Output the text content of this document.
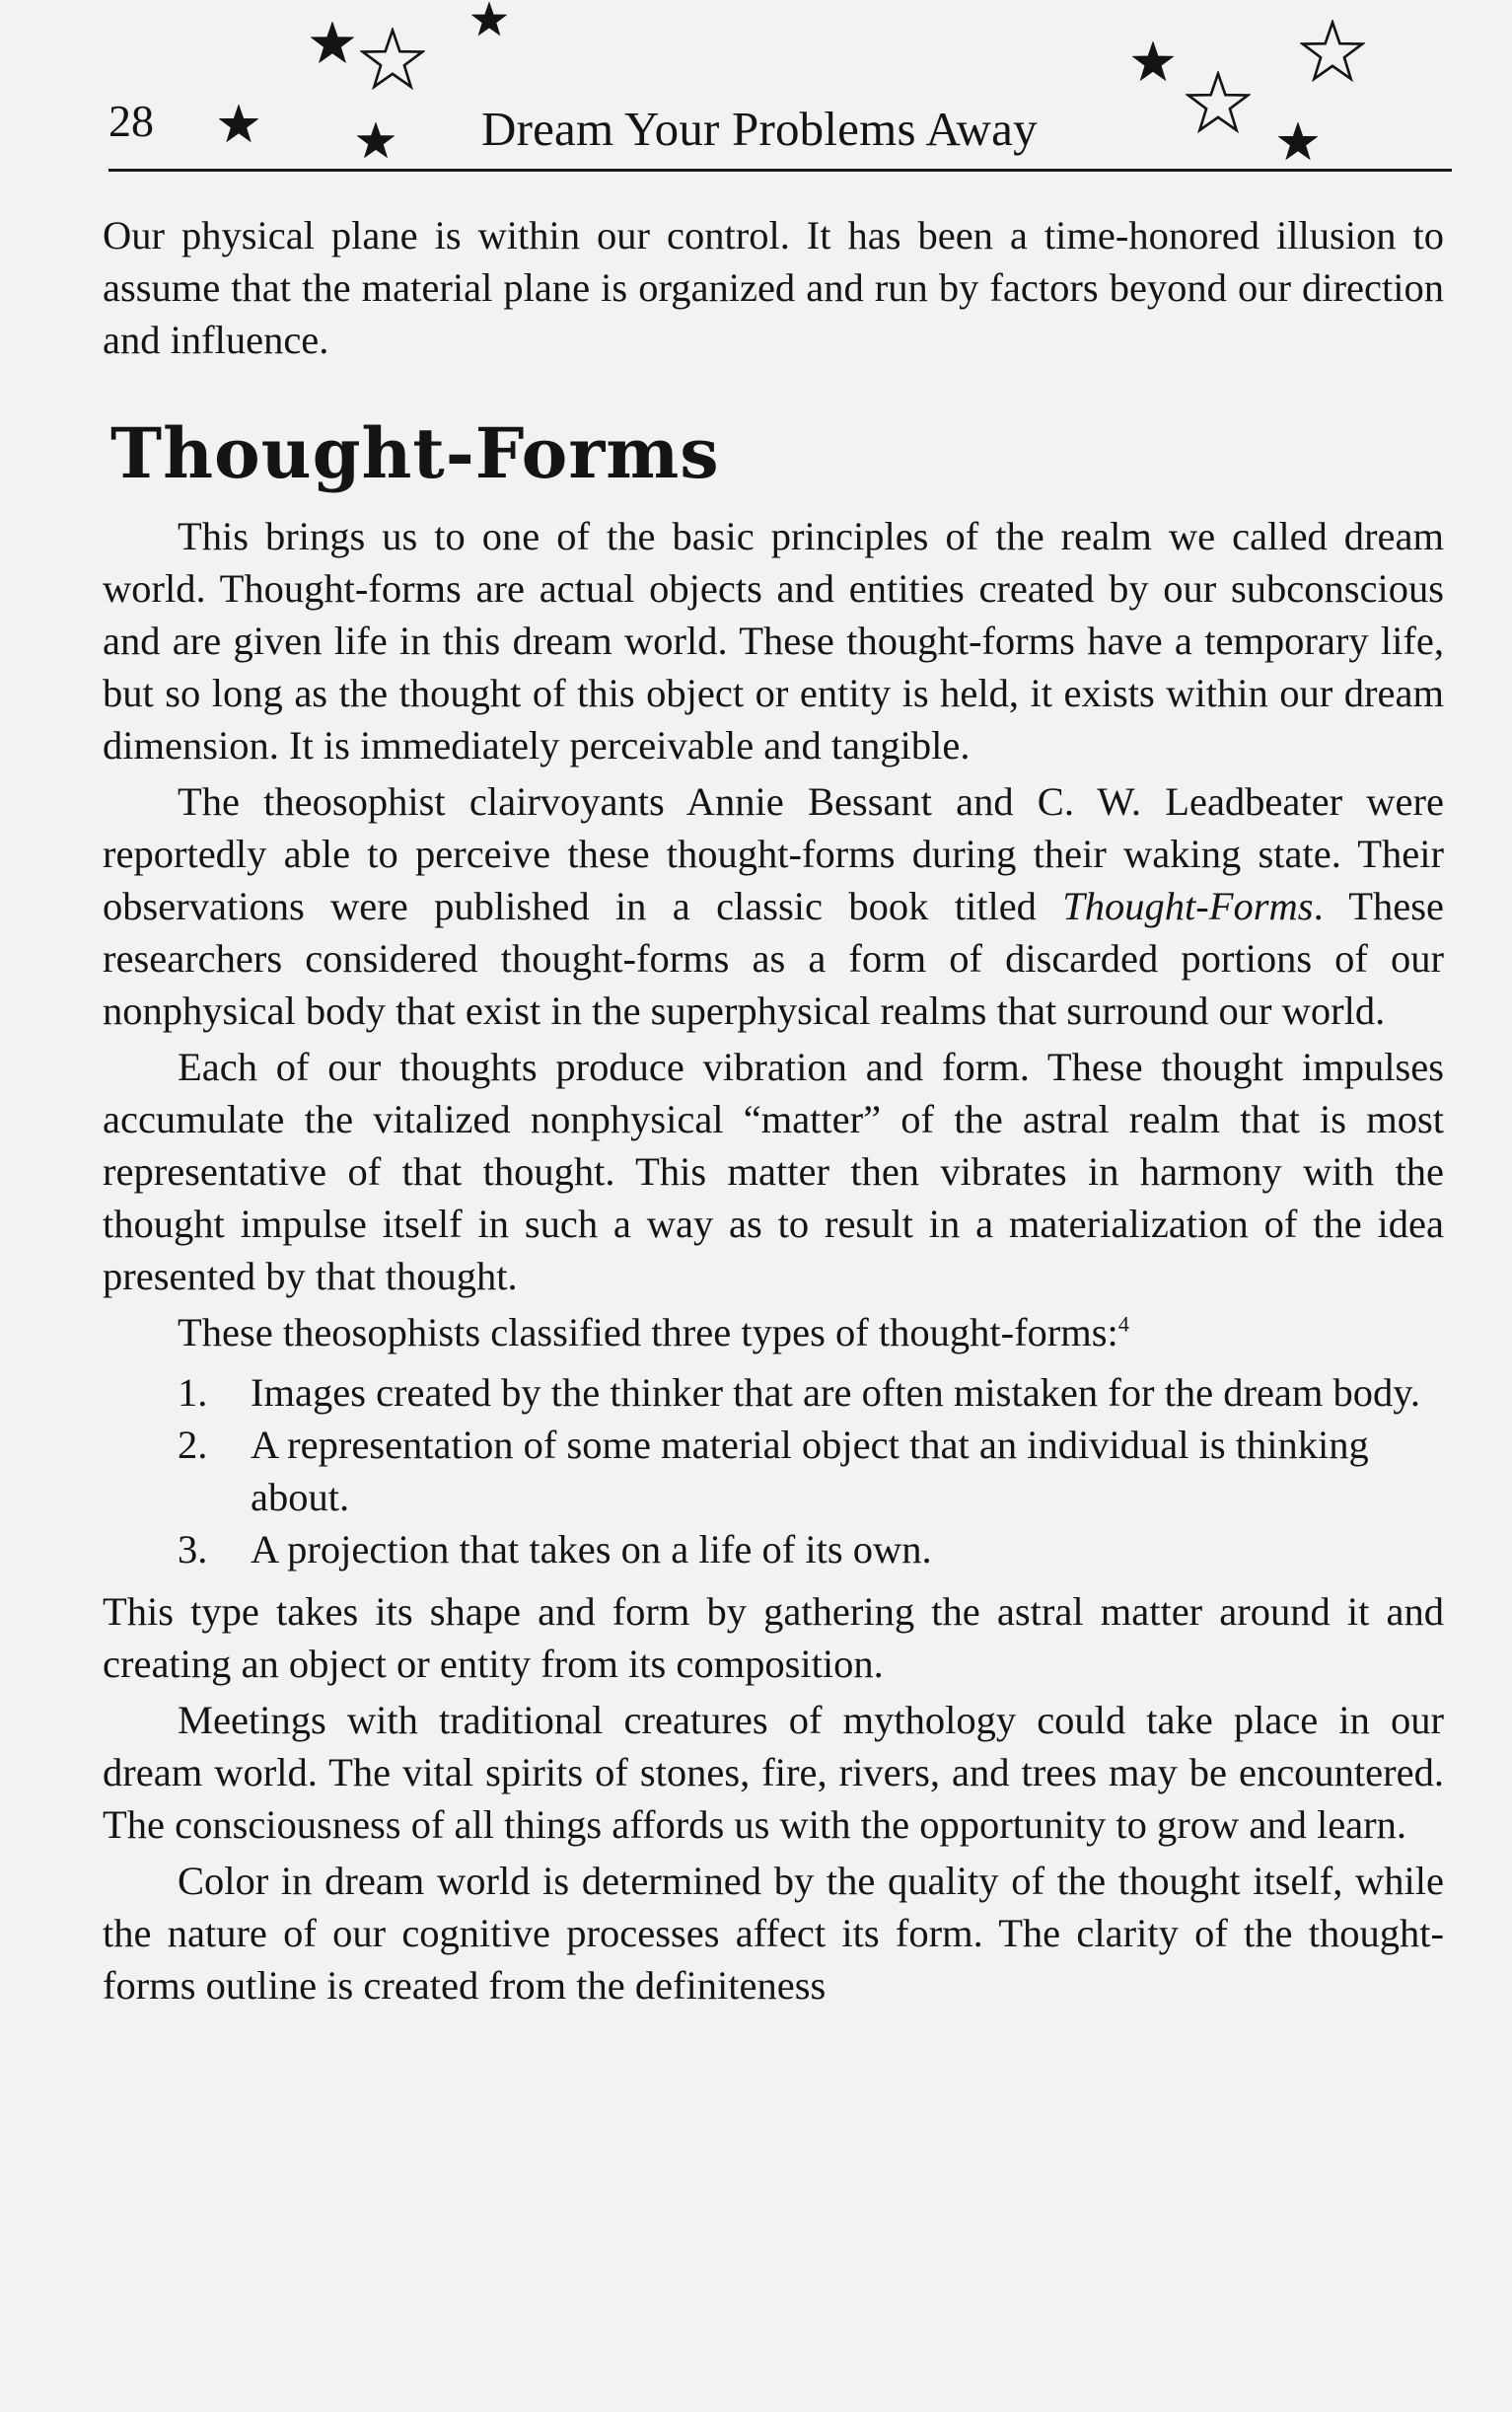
28	Dream Your Problems Away

Our physical plane is within our control. It has been a time-honored illusion to assume that the material plane is organized and run by factors beyond our direction and influence.

Thought-Forms

This brings us to one of the basic principles of the realm we called dream world. Thought-forms are actual objects and entities created by our subconscious and are given life in this dream world. These thought-forms have a temporary life, but so long as the thought of this object or entity is held, it exists within our dream dimension. It is immediately perceivable and tangible.

The theosophist clairvoyants Annie Bessant and C. W. Leadbeater were reportedly able to perceive these thought-forms during their waking state. Their observations were published in a classic book titled Thought-Forms. These researchers considered thought-forms as a form of discarded portions of our nonphysical body that exist in the superphysical realms that surround our world.

Each of our thoughts produce vibration and form. These thought impulses accumulate the vitalized nonphysical “matter” of the astral realm that is most representative of that thought. This matter then vibrates in harmony with the thought impulse itself in such a way as to result in a materialization of the idea presented by that thought.

These theosophists classified three types of thought-forms:$^4$

1. Images created by the thinker that are often mistaken for the dream body.
2. A representation of some material object that an individual is thinking about.
3. A projection that takes on a life of its own.

This type takes its shape and form by gathering the astral matter around it and creating an object or entity from its composition.

Meetings with traditional creatures of mythology could take place in our dream world. The vital spirits of stones, fire, rivers, and trees may be encountered. The consciousness of all things affords us with the opportunity to grow and learn.

Color in dream world is determined by the quality of the thought itself, while the nature of our cognitive processes affect its form. The clarity of the thought-forms outline is created from the definiteness
